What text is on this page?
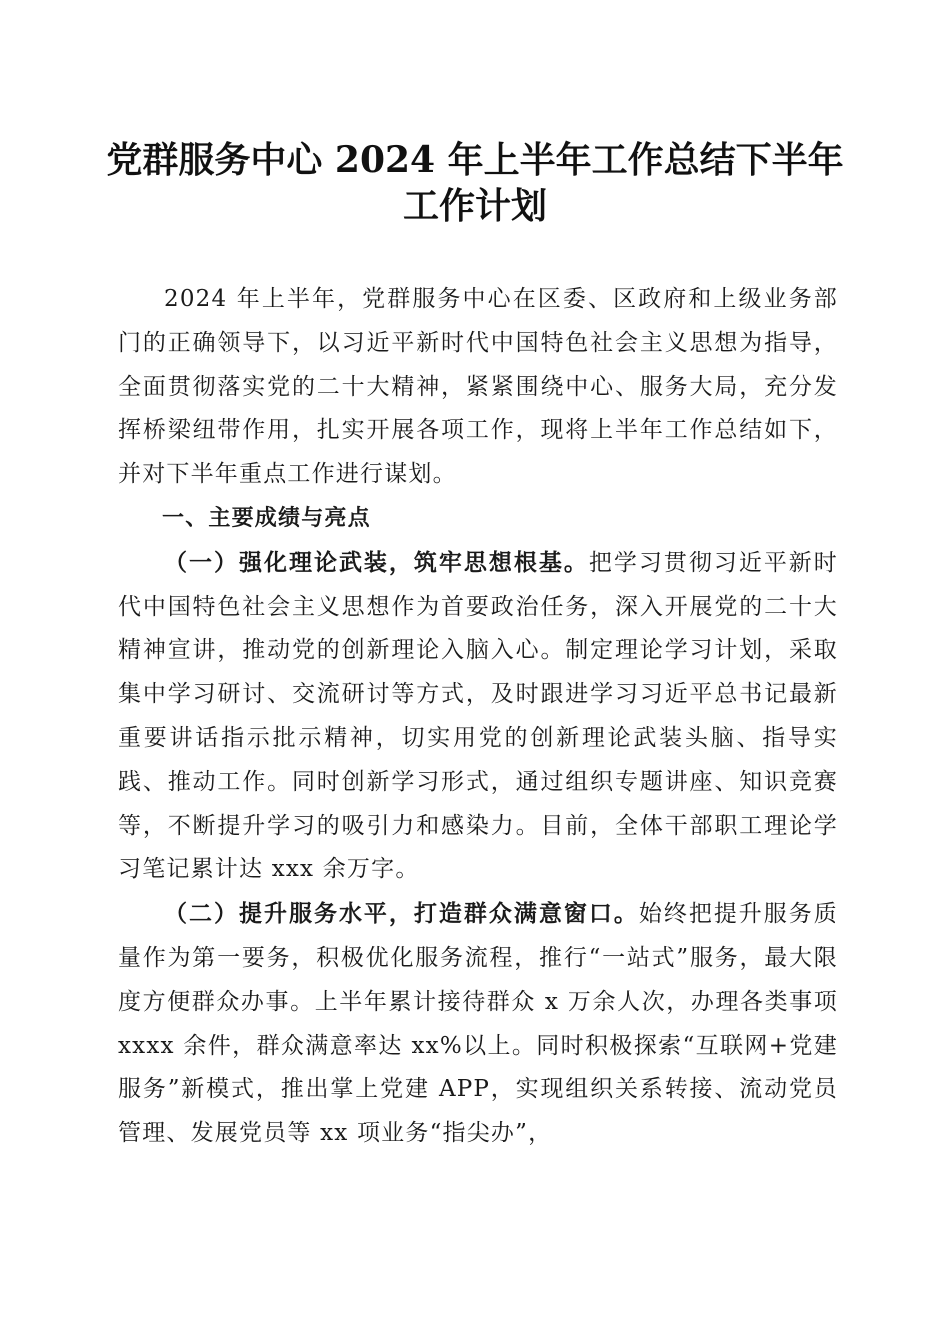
党群服务中心 2024 年上半年工作总结下半年
工作计划

2024 年上半年，党群服务中心在区委、区政府和上级业务部门的正确领导下，以习近平新时代中国特色社会主义思想为指导，全面贯彻落实党的二十大精神，紧紧围绕中心、服务大局，充分发挥桥梁纽带作用，扎实开展各项工作，现将上半年工作总结如下，并对下半年重点工作进行谋划。

一、主要成绩与亮点

（一）强化理论武装，筑牢思想根基。把学习贯彻习近平新时代中国特色社会主义思想作为首要政治任务，深入开展党的二十大精神宣讲，推动党的创新理论入脑入心。制定理论学习计划，采取集中学习研讨、交流研讨等方式，及时跟进学习习近平总书记最新重要讲话指示批示精神，切实用党的创新理论武装头脑、指导实践、推动工作。同时创新学习形式，通过组织专题讲座、知识竞赛等，不断提升学习的吸引力和感染力。目前，全体干部职工理论学习笔记累计达 xxx 余万字。

（二）提升服务水平，打造群众满意窗口。始终把提升服务质量作为第一要务，积极优化服务流程，推行“一站式”服务，最大限度方便群众办事。上半年累计接待群众 x 万余人次，办理各类事项 xxxx 余件，群众满意率达 xx%以上。同时积极探索“互联网+党建服务”新模式，推出掌上党建 APP，实现组织关系转接、流动党员管理、发展党员等 xx 项业务“指尖办”，
